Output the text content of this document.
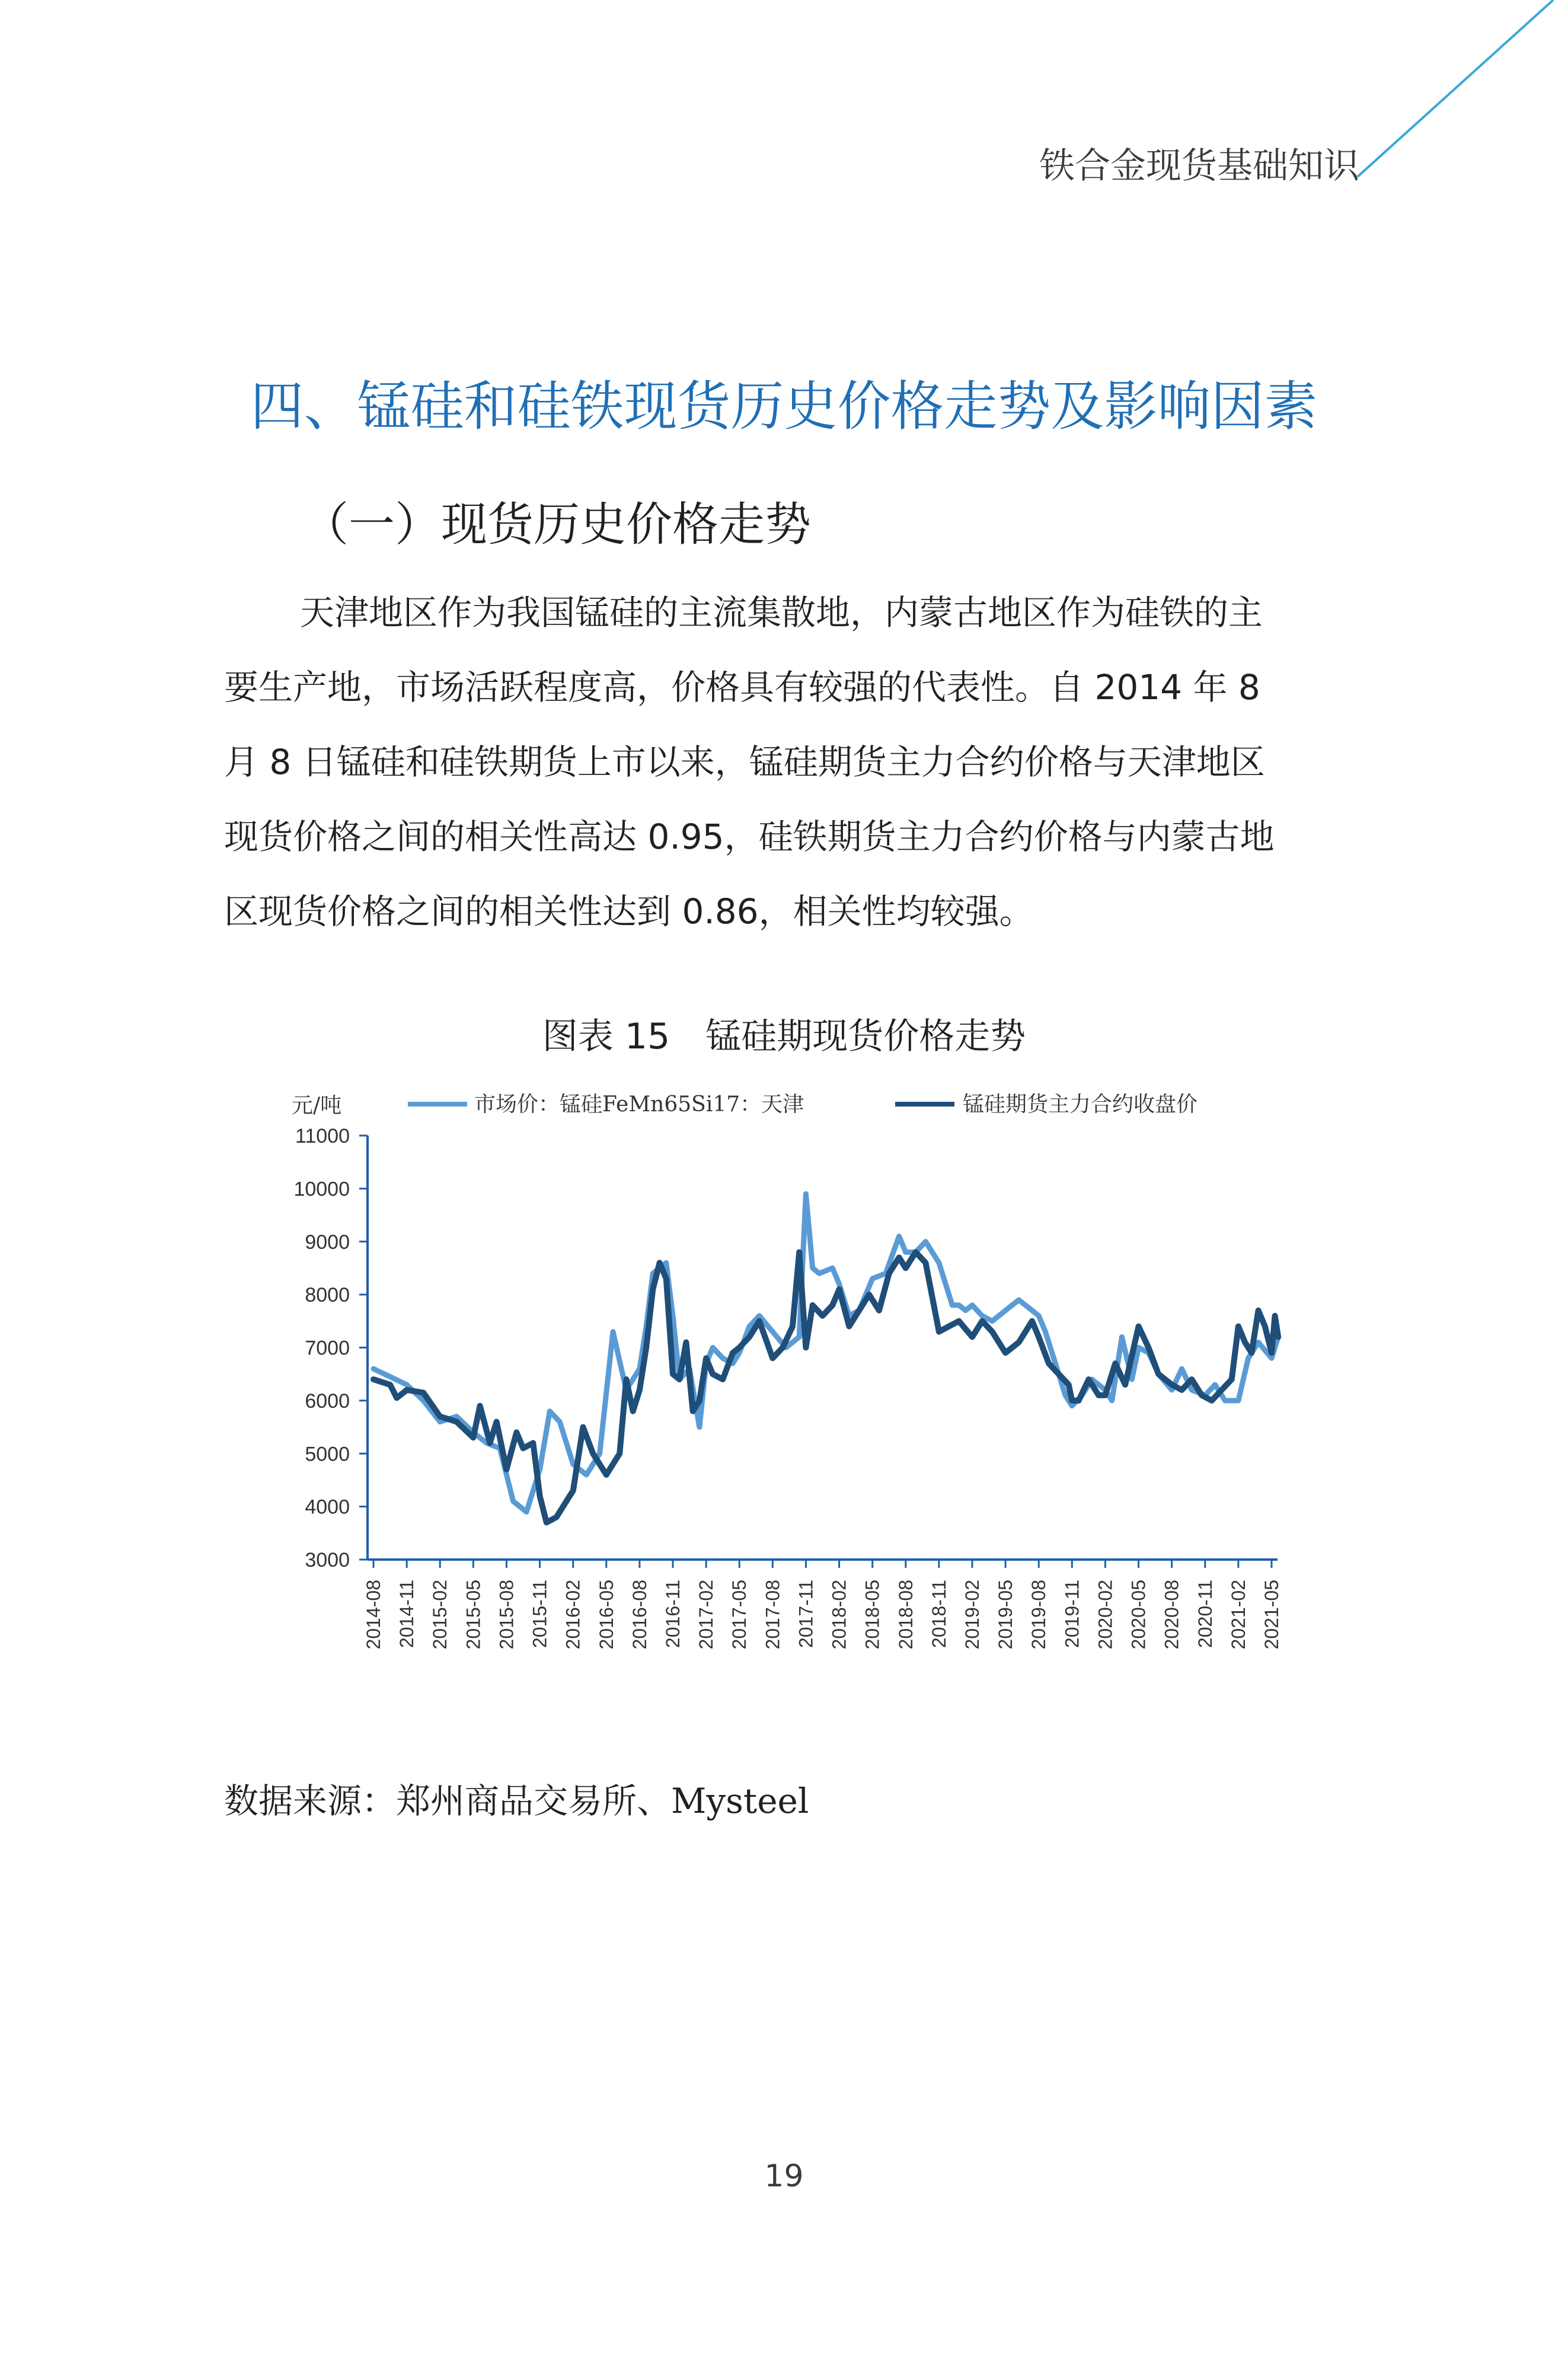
铁合金现货基础知识
四、锰硅和硅铁现货历史价格走势及影响因素
（一）现货历史价格走势
天津地区作为我国锰硅的主流集散地，内蒙古地区作为硅铁的主
要生产地，市场活跃程度高，价格具有较强的代表性。自 2014 年 8
月 8 日锰硅和硅铁期货上市以来，锰硅期货主力合约价格与天津地区
现货价格之间的相关性高达 0.95，硅铁期货主力合约价格与内蒙古地
区现货价格之间的相关性达到 0.86，相关性均较强。
图表 15　锰硅期现货价格走势
元/吨	市场价：锰硅FeMn65Si17：天津	锰硅期货主力合约收盘价
11000
10000
9000
8000
7000
6000
5000
4000
3000
2014-08 2014-11 2015-02 2015-05 2015-08 2015-11 2016-02 2016-05 2016-08 2016-11 2017-02 2017-05 2017-08 2017-11 2018-02 2018-05 2018-08 2018-11 2019-02 2019-05 2019-08 2019-11 2020-02 2020-05 2020-08 2020-11 2021-02 2021-05
数据来源：郑州商品交易所、Mysteel
19
